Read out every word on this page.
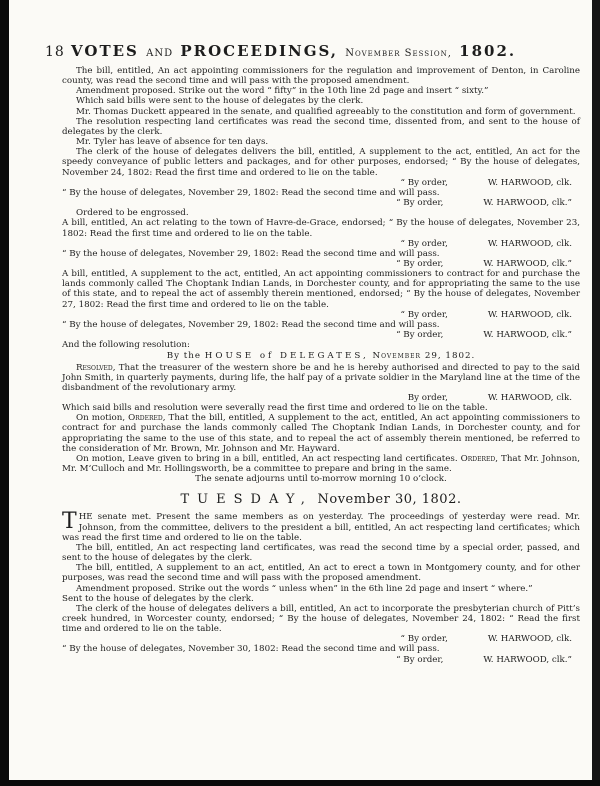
18 VOTES AND PROCEEDINGS, November Session, 1802.

The bill, entitled, An act appointing commissioners for the regulation and improvement of Denton, in Caroline county, was read the second time and will pass with the proposed amendment.

Amendment proposed. Strike out the word “ fifty” in the 10th line 2d page and insert “ sixty.”

Which said bills were sent to the house of delegates by the clerk.

Mr. Thomas Duckett appeared in the senate, and qualified agreeably to the constitution and form of government.

The resolution respecting land certificates was read the second time, dissented from, and sent to the house of delegates by the clerk.

Mr. Tyler has leave of absence for ten days.

The clerk of the house of delegates delivers the bill, entitled, A supplement to the act, entitled, An act for the speedy conveyance of public letters and packages, and for other purposes, endorsed; “ By the house of delegates, November 24, 1802: Read the first time and ordered to lie on the table.

“ By order,	W. HARWOOD, clk.

“ By the house of delegates, November 29, 1802: Read the second time and will pass.

“ By order,	W. HARWOOD, clk.”

Ordered to be engrossed.

A bill, entitled, An act relating to the town of Havre-de-Grace, endorsed; “ By the house of delegates, November 23, 1802: Read the first time and ordered to lie on the table.

“ By order,	W. HARWOOD, clk.

“ By the house of delegates, November 29, 1802: Read the second time and will pass.

“ By order,	W. HARWOOD, clk.”

A bill, entitled, A supplement to the act, entitled, An act appointing commissioners to contract for and purchase the lands commonly called The Choptank Indian Lands, in Dorchester county, and for appropriating the same to the use of this state, and to repeal the act of assembly therein mentioned, endorsed; “ By the house of delegates, November 27, 1802: Read the first time and ordered to lie on the table.

“ By order,	W. HARWOOD, clk.

“ By the house of delegates, November 29, 1802: Read the second time and will pass.

“ By order,	W. HARWOOD, clk.”

And the following resolution:

By the HOUSE of DELEGATES, November 29, 1802.

Resolved, That the treasurer of the western shore be and he is hereby authorised and directed to pay to the said John Smith, in quarterly payments, during life, the half pay of a private soldier in the Maryland line at the time of the disbandment of the revolutionary army.

By order,	W. HARWOOD, clk.

Which said bills and resolution were severally read the first time and ordered to lie on the table.

On motion, Ordered, That the bill, entitled, A supplement to the act, entitled, An act appointing commissioners to contract for and purchase the lands commonly called The Choptank Indian Lands, in Dorchester county, and for appropriating the same to the use of this state, and to repeal the act of assembly therein mentioned, be referred to the consideration of Mr. Brown, Mr. Johnson and Mr. Hayward.

On motion, Leave given to bring in a bill, entitled, An act respecting land certificates. Ordered, That Mr. Johnson, Mr. M‘Culloch and Mr. Hollingsworth, be a committee to prepare and bring in the same.

The senate adjourns until to-morrow morning 10 o’clock.

TUESDAY, November 30, 1802.

THE senate met. Present the same members as on yesterday. The proceedings of yesterday were read. Mr. Johnson, from the committee, delivers to the president a bill, entitled, An act respecting land certificates; which was read the first time and ordered to lie on the table.

The bill, entitled, An act respecting land certificates, was read the second time by a special order, passed, and sent to the house of delegates by the clerk.

The bill, entitled, A supplement to an act, entitled, An act to erect a town in Montgomery county, and for other purposes, was read the second time and will pass with the proposed amendment.

Amendment proposed. Strike out the words “ unless when” in the 6th line 2d page and insert “ where.”

Sent to the house of delegates by the clerk.

The clerk of the house of delegates delivers a bill, entitled, An act to incorporate the presbyterian church of Pitt’s creek hundred, in Worcester county, endorsed; “ By the house of delegates, November 24, 1802: “ Read the first time and ordered to lie on the table.

“ By order,	W. HARWOOD, clk.

“ By the house of delegates, November 30, 1802: Read the second time and will pass.

“ By order,	W. HARWOOD, clk.”
